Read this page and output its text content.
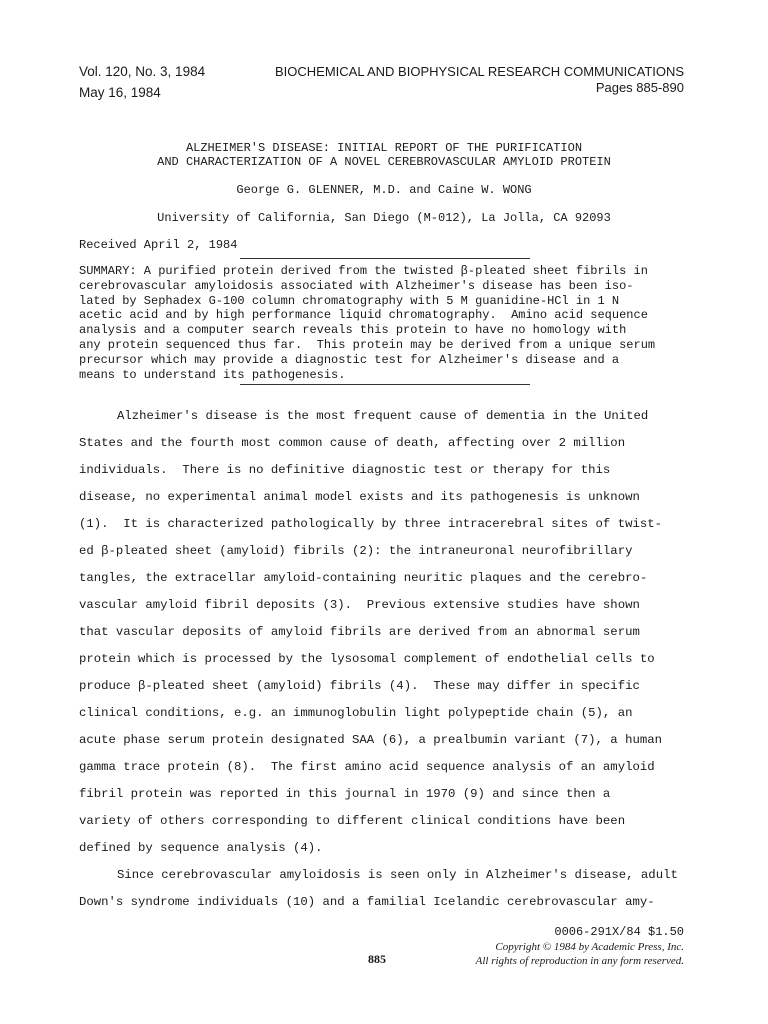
Vol. 120, No. 3, 1984
May 16, 1984
BIOCHEMICAL AND BIOPHYSICAL RESEARCH COMMUNICATIONS
Pages 885-890
ALZHEIMER'S DISEASE: INITIAL REPORT OF THE PURIFICATION
AND CHARACTERIZATION OF A NOVEL CEREBROVASCULAR AMYLOID PROTEIN
George G. GLENNER, M.D. and Caine W. WONG
University of California, San Diego (M-012), La Jolla, CA 92093
Received April 2, 1984
SUMMARY: A purified protein derived from the twisted β-pleated sheet fibrils in
cerebrovascular amyloidosis associated with Alzheimer's disease has been iso-
lated by Sephadex G-100 column chromatography with 5 M guanidine-HCl in 1 N
acetic acid and by high performance liquid chromatography.  Amino acid sequence
analysis and a computer search reveals this protein to have no homology with
any protein sequenced thus far.  This protein may be derived from a unique serum
precursor which may provide a diagnostic test for Alzheimer's disease and a
means to understand its pathogenesis.
Alzheimer's disease is the most frequent cause of dementia in the United
States and the fourth most common cause of death, affecting over 2 million
individuals.  There is no definitive diagnostic test or therapy for this
disease, no experimental animal model exists and its pathogenesis is unknown
(1).  It is characterized pathologically by three intracerebral sites of twist-
ed β-pleated sheet (amyloid) fibrils (2): the intraneuronal neurofibrillary
tangles, the extracellar amyloid-containing neuritic plaques and the cerebro-
vascular amyloid fibril deposits (3).  Previous extensive studies have shown
that vascular deposits of amyloid fibrils are derived from an abnormal serum
protein which is processed by the lysosomal complement of endothelial cells to
produce β-pleated sheet (amyloid) fibrils (4).  These may differ in specific
clinical conditions, e.g. an immunoglobulin light polypeptide chain (5), an
acute phase serum protein designated SAA (6), a prealbumin variant (7), a human
gamma trace protein (8).  The first amino acid sequence analysis of an amyloid
fibril protein was reported in this journal in 1970 (9) and since then a
variety of others corresponding to different clinical conditions have been
defined by sequence analysis (4).
Since cerebrovascular amyloidosis is seen only in Alzheimer's disease, adult
Down's syndrome individuals (10) and a familial Icelandic cerebrovascular amy-
0006-291X/84 $1.50
Copyright © 1984 by Academic Press, Inc.
885	All rights of reproduction in any form reserved.
